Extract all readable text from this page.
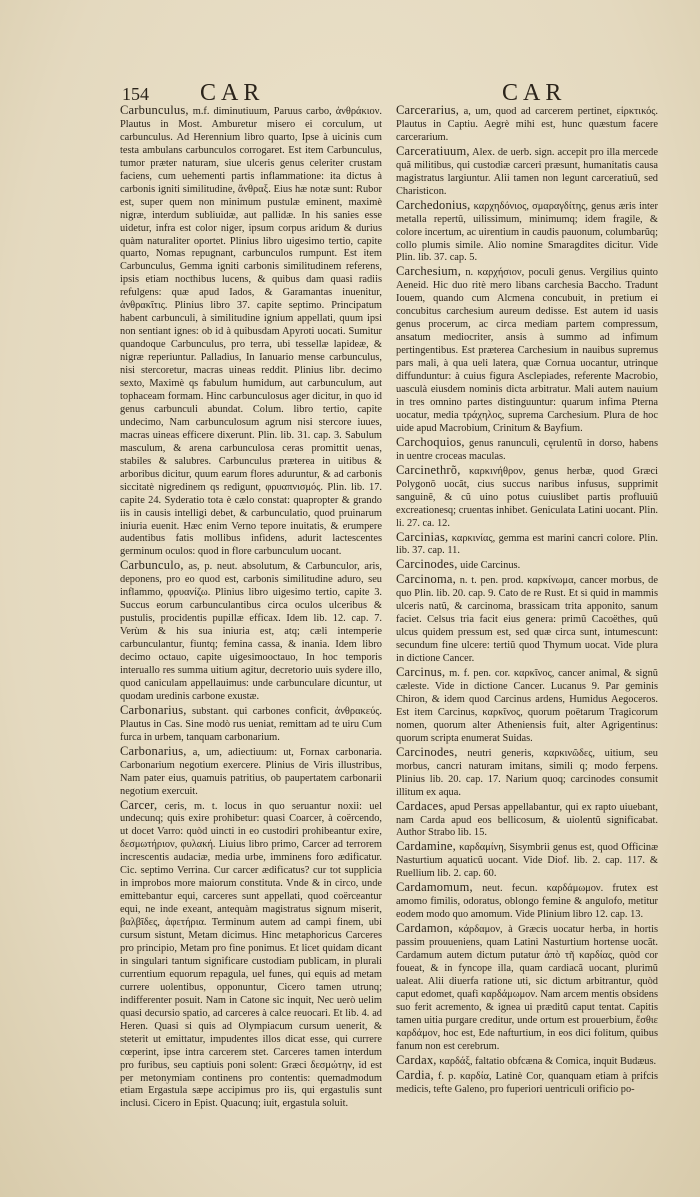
154 CAR	CAR

Carbunculus, m.f. diminutiuum, Paruus carbo, ἀνθράκιον. Plautus in Most. Amburetur misero ei corculum, ut carbunculus. Ad Herennium libro quarto, Ipse à uicinis cum testa ambulans carbunculos corrogaret. Est item Carbunculus, tumor præter naturam, siue ulceris genus celeriter crustam faciens, cum uehementi partis inflammatione: ita dictus à carbonis igniti similitudine, ἄνθραξ. Eius hæ notæ sunt: Rubor est, super quem non minimum pustulæ eminent, maximè nigræ, interdum subliuidæ, aut pallidæ. In his sanies esse uidetur, infra est color niger, ipsum corpus aridum & durius quàm naturaliter oportet. Plinius libro uigesimo tertio, capite quarto, Nomas repugnant, carbunculos rumpunt. Est item Carbunculus, Gemma igniti carbonis similitudinem referens, ipsis etiam nocthibus lucens, & quibus dam quasi radiis refulgens: quæ apud Iados, & Garamantas inuenitur, ἀνθρακῖτις. Plinius libro 37. capite septimo. Principatum habent carbunculi, à similitudine ignium appellati, quum ipsi non sentiant ignes: ob id à quibusdam Apyroti uocati. Sumitur quandoque Carbunculus, pro terra, ubi tessellæ lapideæ, & nigræ reperiuntur. Palladius, In Ianuario mense carbunculus, nisi stercoretur, macras uineas reddit. Plinius libr. decimo sexto, Maximè qs fabulum humidum, aut carbunculum, aut tophaceam formam. Hinc carbunculosus ager dicitur, in quo id genus carbunculi abundat. Colum. libro tertio, capite undecimo, Nam carbunculosum agrum nisi stercore iuues, macras uineas efficere dixerunt. Plin. lib. 31. cap. 3. Sabulum masculum, & arena carbunculosa ceras promittit uenas, stabiles & salubres. Carbunculus præterea in uitibus & arboribus dicitur, quum earum flores aduruntur, & ad carbonis siccitatè nigredinem qs redigunt, φρυαπνισμός. Plin. lib. 17. capite 24. Syderatio tota è cælo constat: quapropter & grando iis in causis intelligi debet, & carbunculatio, quod pruinarum iniuria euenit. Hæc enim Verno tepore inuitatis, & erumpere audentibus fatis mollibus infidens, adurit lactescentes germinum oculos: quod in flore carbunculum uocant.

Carbunculo, as, p. neut. absolutum, & Carbunculor, aris, deponens, pro eo quod est, carbonis similitudine aduro, seu inflammo, φρυανίζω. Plinius libro uigesimo tertio, capite 3. Succus eorum carbunculantibus circa oculos ulceribus & pustulis, procidentis pupillæ efficax. Idem lib. 12. cap. 7. Verùm & his sua iniuria est, atq; cæli intemperie carbunculantur, fiuntq; femina cassa, & inania. Idem libro decimo octauo, capite uigesimooctauo, In hoc temporis interuallo res summa uitium agitur, decretorio uuis sydere illo, quod caniculam appellauimus: unde carbunculare dicuntur, ut quodam uredinis carbone exustæ.

Carbonarius, substant. qui carbones conficit, ἀνθρακεύς. Plautus in Cas. Sine modò rus ueniat, remittam ad te uiru Cum furca in urbem, tanquam carbonarium.

Carbonarius, a, um, adiectiuum: ut, Fornax carbonaria. Carbonarium negotium exercere. Plinius de Viris illustribus, Nam pater eius, quamuis patritius, ob paupertatem carbonarii negotium exercuit.

Carcer, ceris, m. t. locus in quo seruantur noxii: uel undecunq; quis exire prohibetur: quasi Coarcer, à coërcendo, ut docet Varro: quòd uincti in eo custodiri prohibeantur exire, δεσμωτήριον, φυλακή. Liuius libro primo, Carcer ad terrorem increscentis audaciæ, media urbe, imminens foro ædificatur. Cic. septimo Verrina. Cur carcer ædificatus? cur tot supplicia in improbos more maiorum constituta. Vnde & in circo, unde emittebantur equi, carceres sunt appellati, quod coërceantur equi, ne inde exeant, antequàm magistratus signum miserit, βαλβῖδες, ἀφετήρια. Terminum autem ad campi finem, ubi cursum sistunt, Metam dicimus. Hinc metaphoricus Carceres pro principio, Metam pro fine ponimus. Et licet quidam dicant in singulari tantum significare custodiam publicam, in plurali currentium equorum repagula, uel funes, qui equis ad metam currere uolentibus, opponuntur, Cicero tamen utrunq; indifferenter posuit. Nam in Catone sic inquit, Nec uerò uelim quasi decursio spatio, ad carceres à calce reuocari. Et lib. 4. ad Heren. Quasi si quis ad Olympiacum cursum uenerit, & steterit ut emittatur, impudentes illos dicat esse, qui currere cœperint, ipse intra carcerem stet. Carceres tamen interdum pro furibus, seu captiuis poni solent: Græci δεσμώτην, id est per metonymiam continens pro contentis: quemadmodum etiam Ergastula sæpe accipimus pro iis, qui ergastulis sunt inclusi. Cicero in Epist. Quacunq; iuit, ergastula soluit.

Carcerarius, a, um, quod ad carcerem pertinet, εἱρκτικός. Plautus in Captiu. Aegrè mihi est, hunc quæstum facere carcerarium.

Carceratiuum, Alex. de uerb. sign. accepit pro illa mercede quã militibus, qui custodiæ carceri præsunt, humanitatis causa magistratus largiuntur. Alii tamen non legunt carceratiuũ, sed Charisticon.

Carchedonius, καρχηδόνιος, σμαραγδίτης, genus æris inter metalla repertũ, uilissimum, minimumq; idem fragile, & colore incertum, ac uirentium in caudis pauonum, columbarũq; collo plumis simile. Alio nomine Smaragdites dicitur. Vide Plin. lib. 37. cap. 5.

Carchesium, n. καρχήσιον, poculi genus. Vergilius quinto Aeneid. Hic duo ritè mero libans carchesia Baccho. Tradunt Iouem, quando cum Alcmena concubuit, in pretium ei concubitus carchesium aureum dedisse. Est autem id uasis genus procerum, ac circa mediam partem compressum, ansatum mediocriter, ansis à summo ad infimum pertingentibus. Est præterea Carchesium in nauibus supremus pars mali, à qua ueli latera, quæ Cornua uocantur, utrinque diffunduntur: à cuius figura Asclepiades, referente Macrobio, uasculà eiusdem nominis dicta arbitratur. Mali autem nauium in tres omnino partes distinguuntur: quarum infima Pterna uocatur, media τράχηλος, suprema Carchesium. Plura de hoc uide apud Macrobium, Crinitum & Bayfium.

Carchoquios, genus ranunculi, cęrulentũ in dorso, habens in uentre croceas maculas.

Carcinethrõ, καρκινήθρον, genus herbæ, quod Græci Polygonõ uocãt, cius succus naribus infusus, supprimit sanguinẽ, & cũ uino potus cuiuslibet partis profluuiũ excreationesq; cruentas inhibet. Geniculata Latini uocant. Plin. li. 27. ca. 12.

Carcinias, καρκινίας, gemma est marini cancri colore. Plin. lib. 37. cap. 11.

Carcinodes, uide Carcinus.

Carcinoma, n. t. pen. prod. καρκίνωμα, cancer morbus, de quo Plin. lib. 20. cap. 9. Cato de re Rust. Et si quid in mammis ulceris natũ, & carcinoma, brassicam trita apponito, sanum faciet. Celsus tria facit eius genera: primũ Cacoëthes, quũ ulcus quidem pressum est, sed quæ circa sunt, intumescunt: secundum fine ulcere: tertiũ quod Thymum uocat. Vide plura in dictione Cancer.

Carcinus, m. f. pen. cor. καρκῖνος, cancer animal, & signũ cæleste. Vide in dictione Cancer. Lucanus 9. Par geminis Chiron, & idem quod Carcinus ardens, Humidus Aegoceros. Est item Carcinus, καρκῖνος, quorum poëtarum Tragicorum nomen, quorum alter Atheniensis fuit, alter Agrigentinus: quorum scripta enumerat Suidas.

Carcinodes, neutri generis, καρκινῶδες, uitium, seu morbus, cancri naturam imitans, simili q; modo ferpens. Plinius lib. 20. cap. 17. Narium quoq; carcinodes consumit illitum ex aqua.

Cardaces, apud Persas appellabantur, qui ex rapto uiuebant, nam Carda apud eos bellicosum, & uiolentũ significabat. Author Strabo lib. 15.

Cardamine, καρδαμίνη, Sisymbrii genus est, quod Officinæ Nasturtium aquaticũ uocant. Vide Diof. lib. 2. cap. 117. & Ruellium lib. 2. cap. 60.

Cardamomum, neut. fecun. καρδάμωμον. frutex est amomo fimilis, odoratus, oblongo femine & angulofo, metitur eodem modo quo amomum. Vide Plinium libro 12. cap. 13.

Cardamon, κάρδαμον, à Græcis uocatur herba, in hortis passim prouueniens, quam Latini Nasturtium hortense uocãt. Cardamum autem dictum putatur ἀπὸ τῆ καρδίας, quòd cor foueat, & in fyncope illa, quam cardiacã uocant, plurimũ ualeat. Alii diuerfa ratione uti, sic dictum arbitrantur, quòd caput edomet, quafi καρδάμωμον. Nam arcem mentis obsidens suo ferit acremento, & ignea ui præditũ caput tentat. Capitis tamen uitia purgare creditur, unde ortum est prouerbium, ἔσθιε καρδάμον, hoc est, Ede nafturtium, in eos dici folitum, quibus fanum non est cerebrum.

Cardax, καρδάξ, faltatio obfcæna & Comica, inquit Budæus.

Cardia, f. p. καρδία, Latinè Cor, quanquam etiam à prifcis medicis, tefte Galeno, pro fuperiori uentriculi orificio po-
